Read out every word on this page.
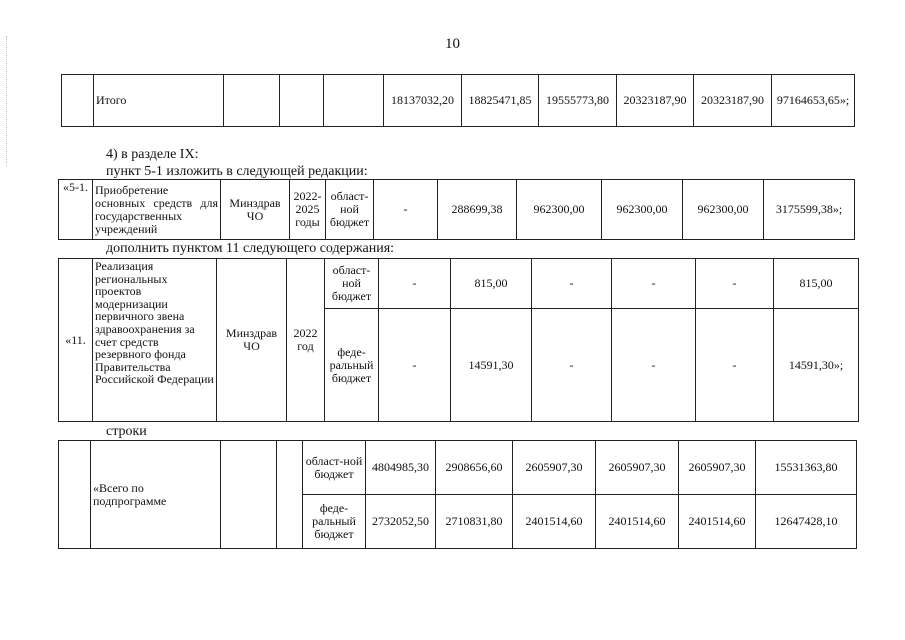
10
	Итого				18137032,20	18825471,85	19555773,80	20323187,90	20323187,90	97164653,65»;
4) в разделе IX:
пункт 5-1 изложить в следующей редакции:
«5-1.	Приобретение основных средств для государственных учреждений	Минздрав ЧО	2022-2025 годы	област-ной бюджет	-	288699,38	962300,00	962300,00	962300,00	3175599,38»;
дополнить пунктом 11 следующего содержания:
«11.	Реализация региональных проектов модернизации первичного звена здравоохранения за счет средств резервного фонда Правительства Российской Федерации	Минздрав ЧО	2022 год	област-ной бюджет	-	815,00	-	-	-	815,00
				феде-ральный бюджет	-	14591,30	-	-	-	14591,30»;
строки
	«Всего по подпрограмме			област-ной бюджет	4804985,30	2908656,60	2605907,30	2605907,30	2605907,30	15531363,80
				феде-ральный бюджет	2732052,50	2710831,80	2401514,60	2401514,60	2401514,60	12647428,10
